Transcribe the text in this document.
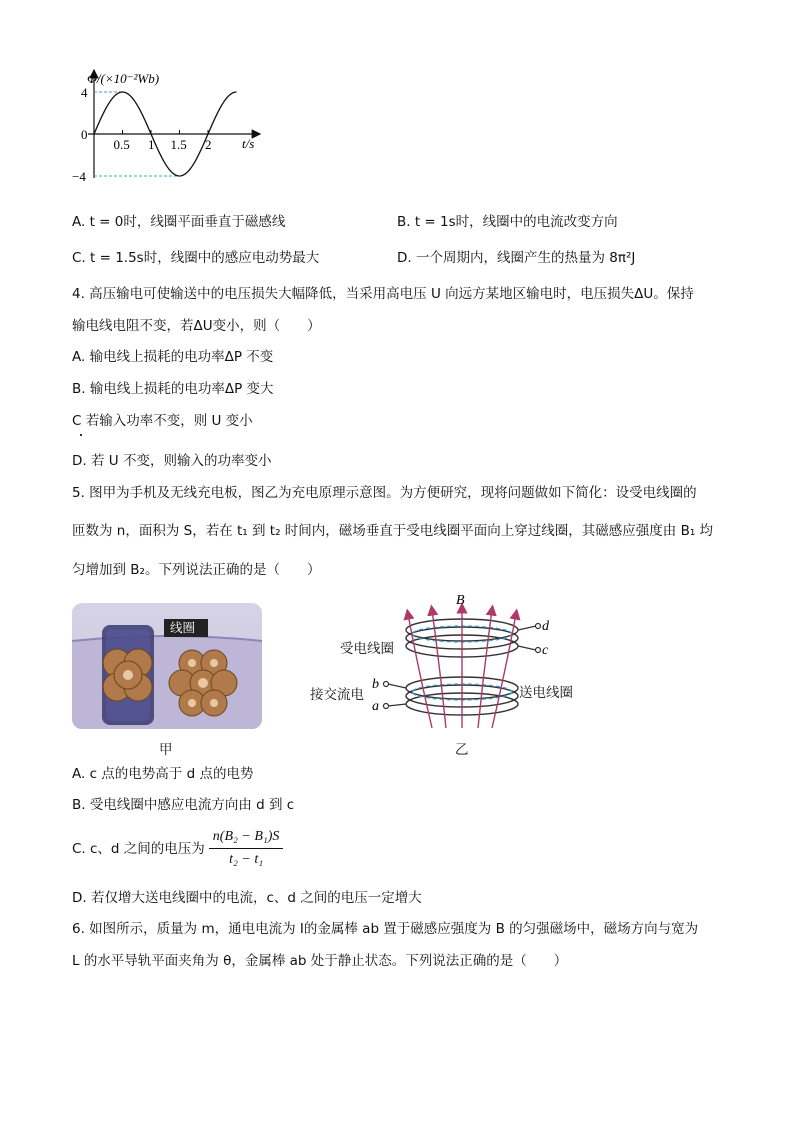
0.5 1 1.5 2
4
0
−4
Φ/(×10⁻²Wb)
t/s
A. t = 0时，线圈平面垂直于磁感线	B. t = 1s时，线圈中的电流改变方向
C. t = 1.5s时，线圈中的感应电动势最大	D. 一个周期内，线圈产生的热量为 8π²J
4. 高压输电可使输送中的电压损失大幅降低，当采用高电压 U 向远方某地区输电时，电压损失ΔU。保持
输电线电阻不变，若ΔU变小，则（　　）
A. 输电线上损耗的电功率ΔP 不变
B. 输电线上损耗的电功率ΔP 变大
C 若输入功率不变，则 U 变小
D. 若 U 不变，则输入的功率变小
5. 图甲为手机及无线充电板，图乙为充电原理示意图。为方便研究，现将问题做如下简化：设受电线圈的
匝数为 n，面积为 S，若在 t₁ 到 t₂ 时间内，磁场垂直于受电线圈平面向上穿过线圈，其磁感应强度由 B₁ 均
匀增加到 B₂。下列说法正确的是（　　）
线圈
甲
B
d
c
b
a
受电线圈
送电线圈
接交流电
乙
A. c 点的电势高于 d 点的电势
B. 受电线圈中感应电流方向由 d 到 c
C. c、d 之间的电压为 $\frac{\text{n(B₂ − B₁)S}}{\text{t₂ − t₁}}$
D. 若仅增大送电线圈中的电流，c、d 之间的电压一定增大
6. 如图所示，质量为 m，通电电流为 I的金属棒 ab 置于磁感应强度为 B 的匀强磁场中，磁场方向与宽为
L 的水平导轨平面夹角为 θ，金属棒 ab 处于静止状态。下列说法正确的是（　　）
